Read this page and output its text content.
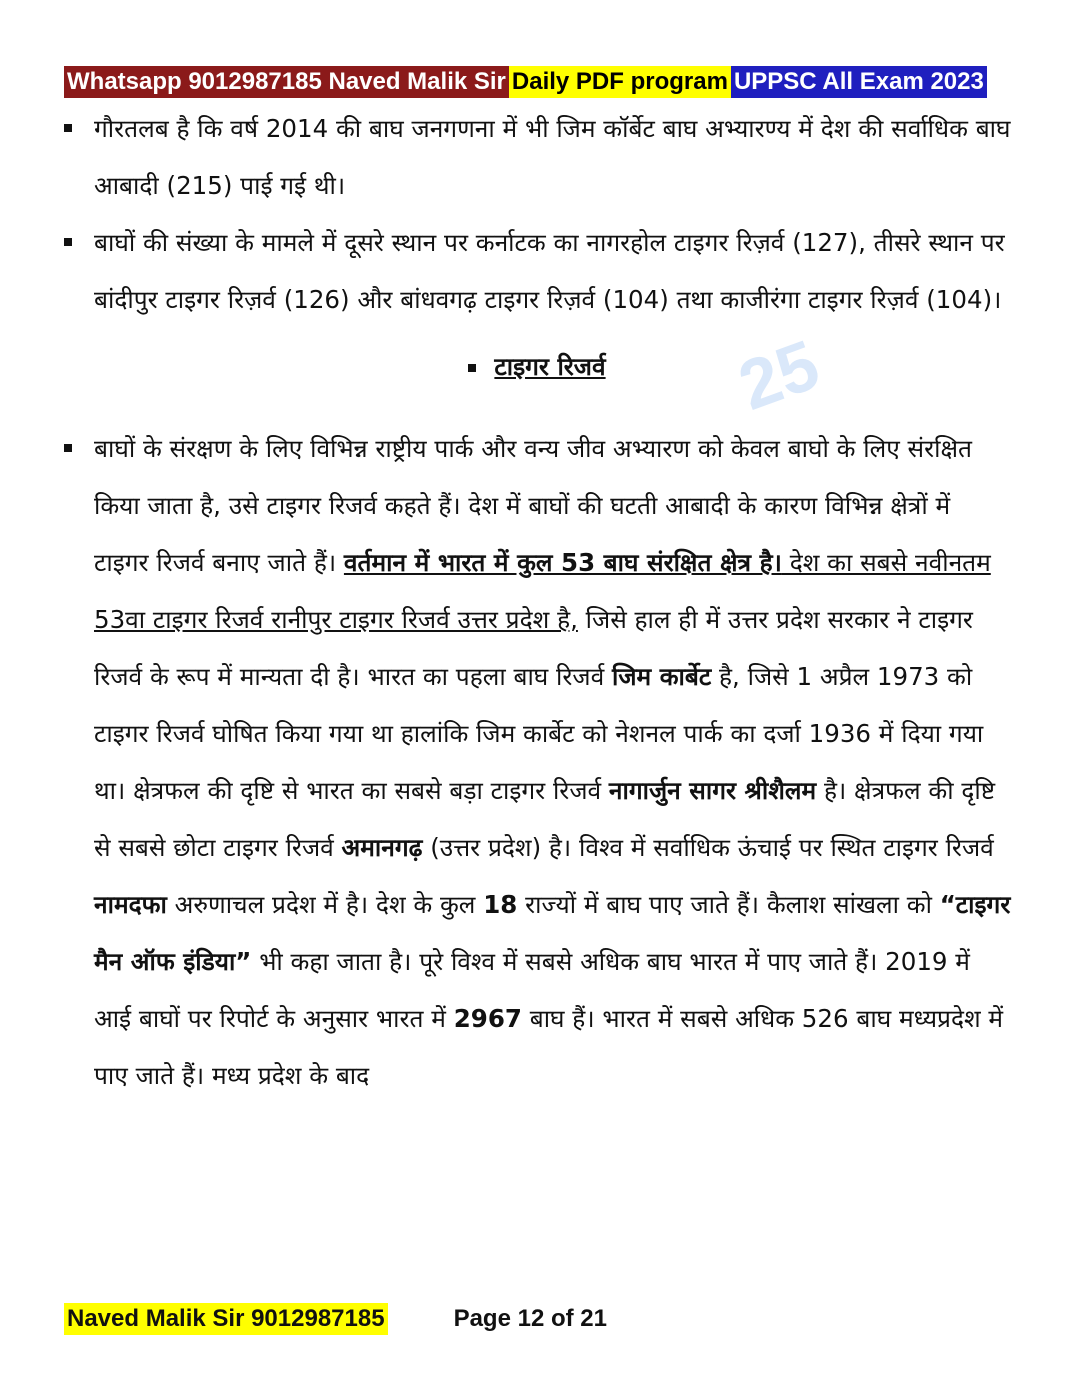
Whatsapp 9012987185 Naved Malik Sir Daily PDF program UPPSC All Exam 2023
25

गौरतलब है कि वर्ष 2014 की बाघ जनगणना में भी जिम कॉर्बेट बाघ अभ्यारण्य में देश की सर्वाधिक बाघ आबादी (215) पाई गई थी।

बाघों की संख्या के मामले में दूसरे स्थान पर कर्नाटक का नागरहोल टाइगर रिज़र्व (127), तीसरे स्थान पर बांदीपुर टाइगर रिज़र्व (126) और बांधवगढ़ टाइगर रिज़र्व (104) तथा काजीरंगा टाइगर रिज़र्व (104)।

टाइगर रिजर्व

बाघों के संरक्षण के लिए विभिन्न राष्ट्रीय पार्क और वन्य जीव अभ्यारण को केवल बाघो के लिए संरक्षित किया जाता है, उसे टाइगर रिजर्व कहते हैं। देश में बाघों की घटती आबादी के कारण विभिन्न क्षेत्रों में टाइगर रिजर्व बनाए जाते हैं। वर्तमान में भारत में कुल 53 बाघ संरक्षित क्षेत्र है। देश का सबसे नवीनतम 53वा टाइगर रिजर्व रानीपुर टाइगर रिजर्व उत्तर प्रदेश है, जिसे हाल ही में उत्तर प्रदेश सरकार ने टाइगर रिजर्व के रूप में मान्यता दी है। भारत का पहला बाघ रिजर्व जिम कार्बेट है, जिसे 1 अप्रैल 1973 को टाइगर रिजर्व घोषित किया गया था हालांकि जिम कार्बेट को नेशनल पार्क का दर्जा 1936 में दिया गया था। क्षेत्रफल की दृष्टि से भारत का सबसे बड़ा टाइगर रिजर्व नागार्जुन सागर श्रीशैलम है। क्षेत्रफल की दृष्टि से सबसे छोटा टाइगर रिजर्व अमानगढ़ (उत्तर प्रदेश) है। विश्व में सर्वाधिक ऊंचाई पर स्थित टाइगर रिजर्व नामदफा अरुणाचल प्रदेश में है। देश के कुल 18 राज्यों में बाघ पाए जाते हैं। कैलाश सांखला को “टाइगर मैन ऑफ इंडिया” भी कहा जाता है। पूरे विश्व में सबसे अधिक बाघ भारत में पाए जाते हैं। 2019 में आई बाघों पर रिपोर्ट के अनुसार भारत में 2967 बाघ हैं। भारत में सबसे अधिक 526 बाघ मध्यप्रदेश में पाए जाते हैं। मध्य प्रदेश के बाद

Naved Malik Sir 9012987185	Page 12 of 21
